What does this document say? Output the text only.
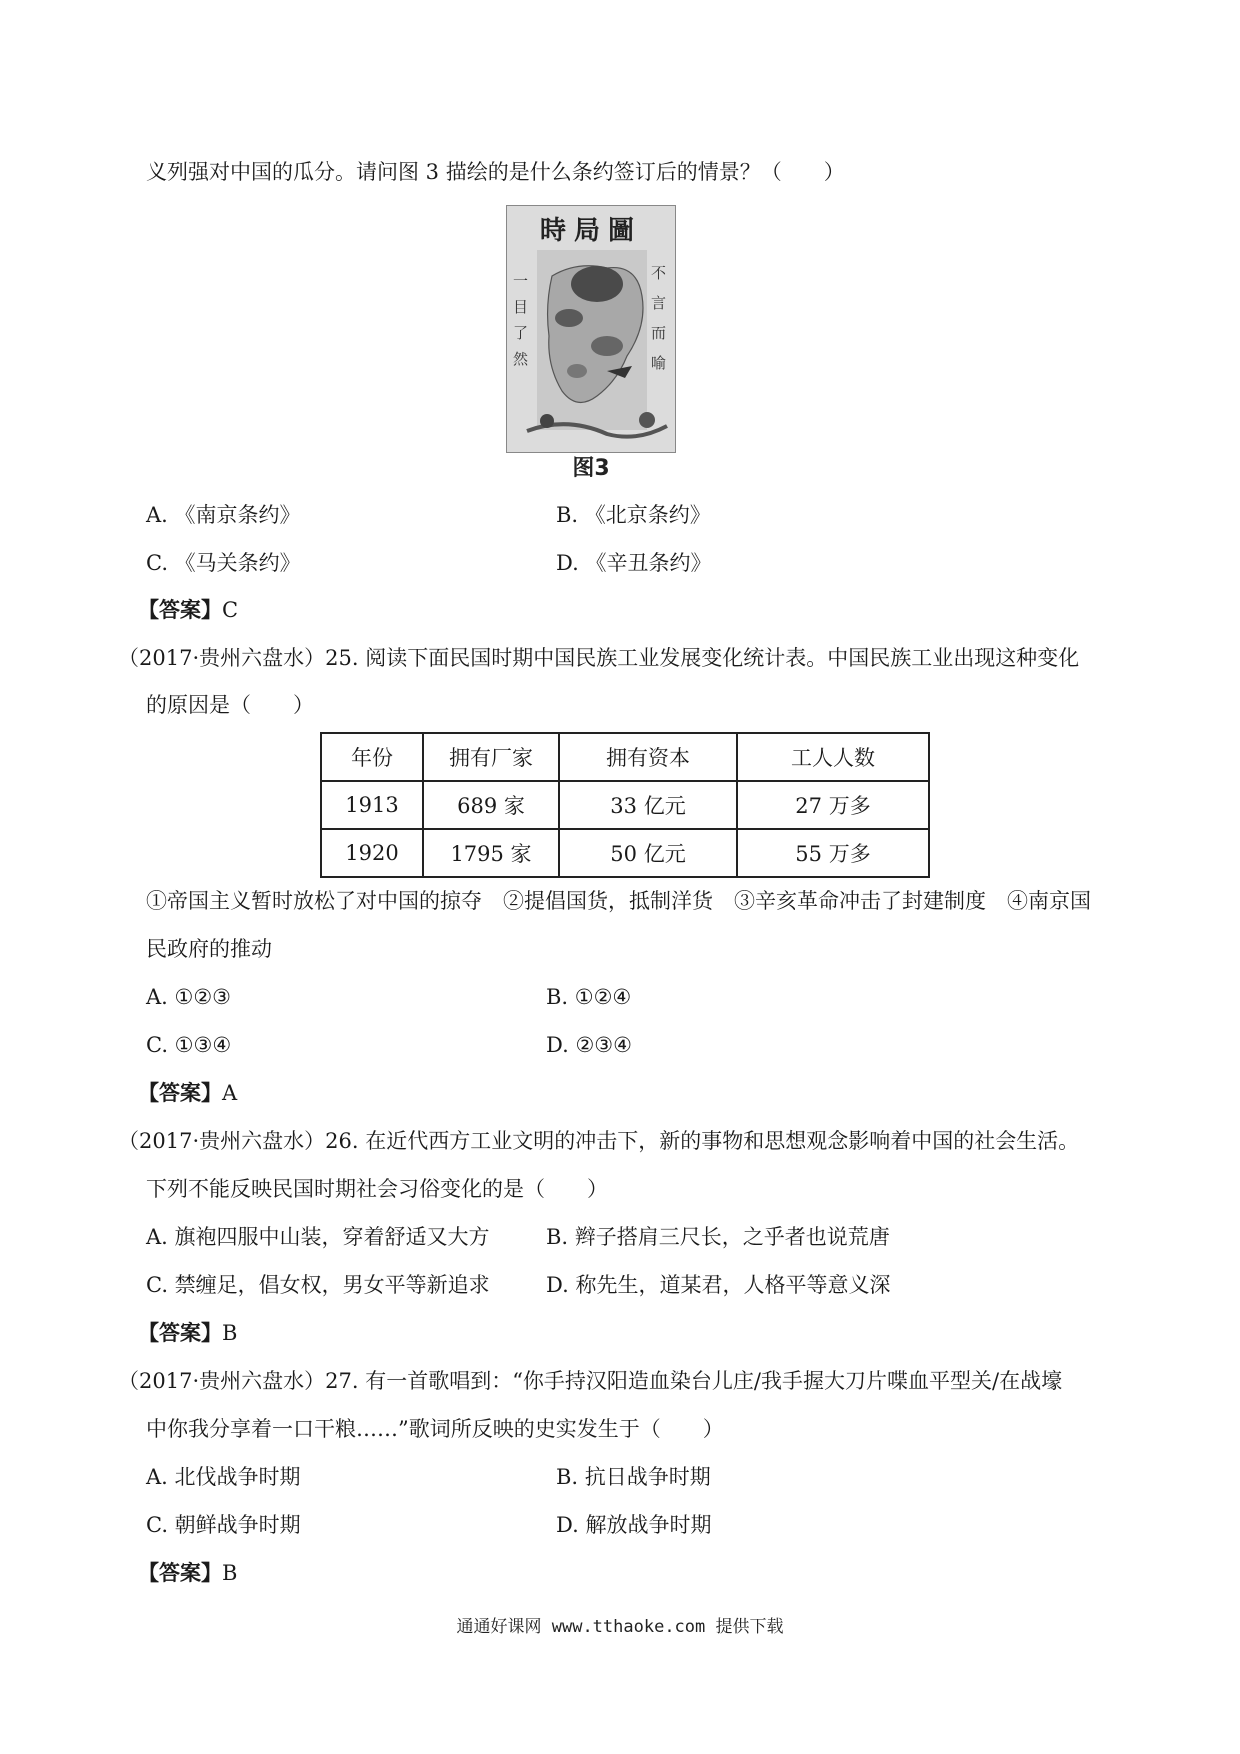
义列强对中国的瓜分。请问图 3 描绘的是什么条约签订后的情景？（　　）
時局圖
一目了然
不言而喻
图3
A. 《南京条约》	B. 《北京条约》
C. 《马关条约》	D. 《辛丑条约》
【答案】C
（2017·贵州六盘水）25. 阅读下面民国时期中国民族工业发展变化统计表。中国民族工业出现这种变化
的原因是（　　）
年份	拥有厂家	拥有资本	工人人数
1913	689 家	33 亿元	27 万多
1920	1795 家	50 亿元	55 万多
①帝国主义暂时放松了对中国的掠夺　②提倡国货，抵制洋货　③辛亥革命冲击了封建制度　④南京国
民政府的推动
A. ①②③	B. ①②④
C. ①③④	D. ②③④
【答案】A
（2017·贵州六盘水）26. 在近代西方工业文明的冲击下，新的事物和思想观念影响着中国的社会生活。
下列不能反映民国时期社会习俗变化的是（　　）
A. 旗袍四服中山装，穿着舒适又大方	B. 辫子搭肩三尺长，之乎者也说荒唐
C. 禁缠足，倡女权，男女平等新追求	D. 称先生，道某君，人格平等意义深
【答案】B
（2017·贵州六盘水）27. 有一首歌唱到：“你手持汉阳造血染台儿庄/我手握大刀片喋血平型关/在战壕
中你我分享着一口干粮……”歌词所反映的史实发生于（　　）
A. 北伐战争时期	B. 抗日战争时期
C. 朝鲜战争时期	D. 解放战争时期
【答案】B
通通好课网 www.tthaoke.com 提供下载
